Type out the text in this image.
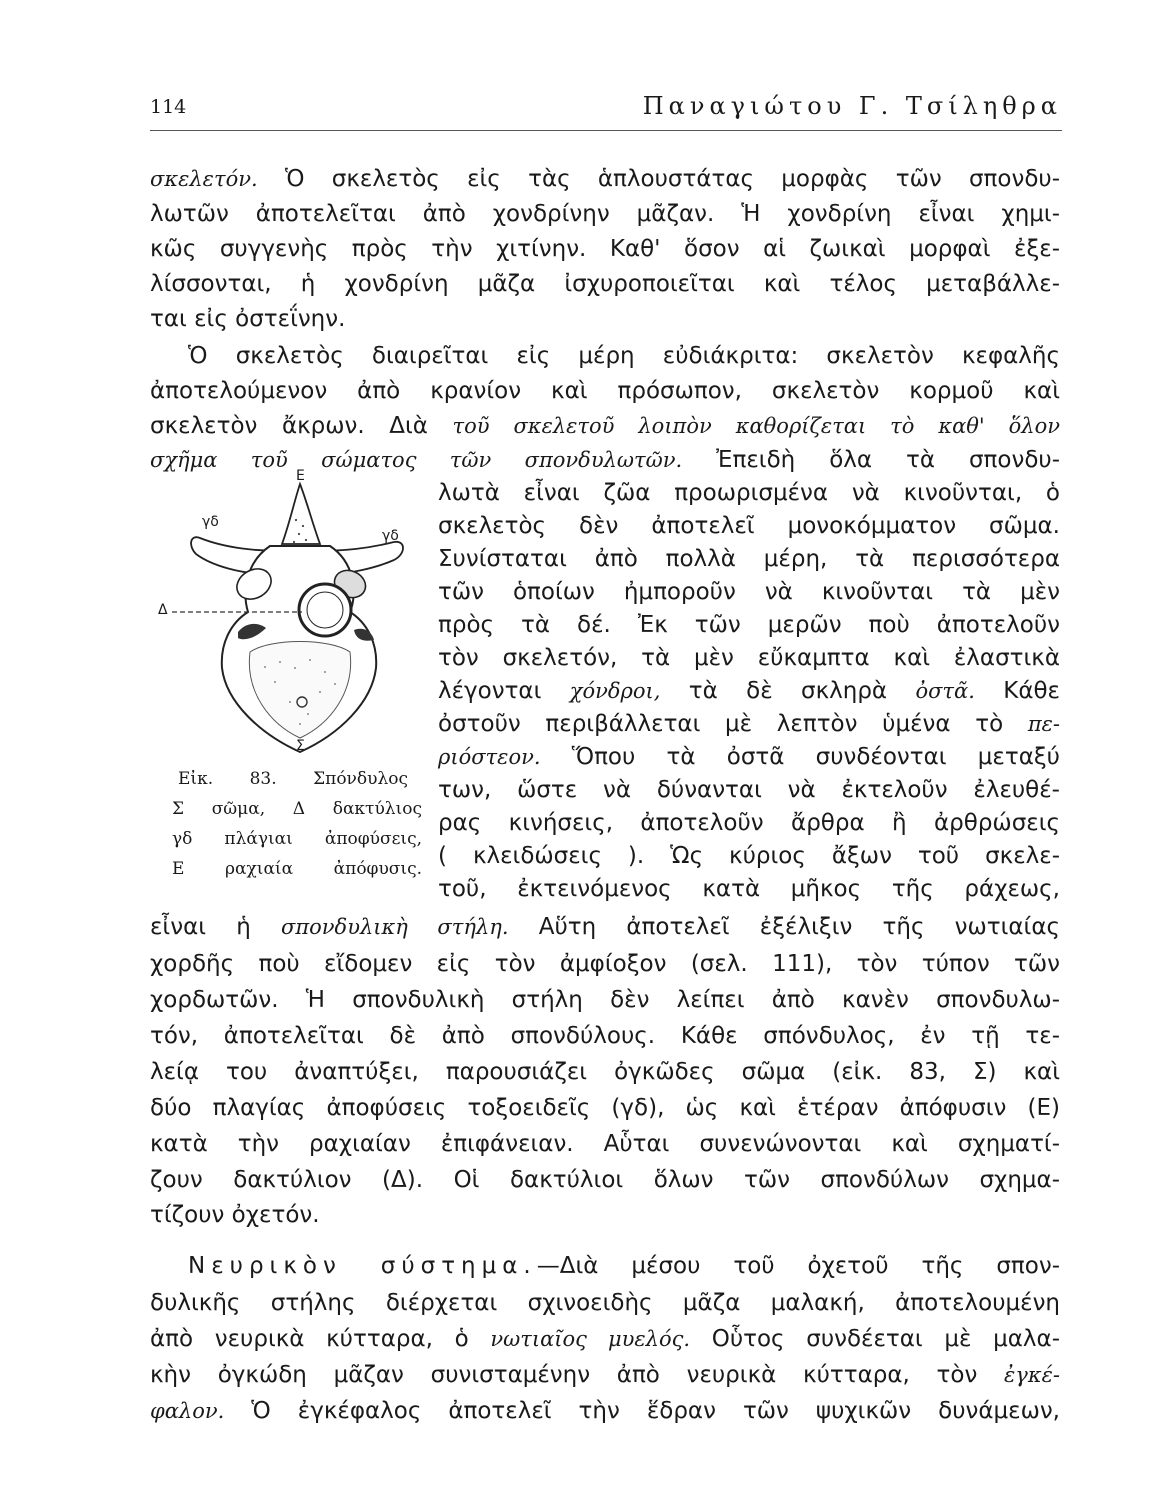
114	Παναγιώτου Γ. Τσίληθρα
σκελετόν. Ὁ σκελετὸς εἰς τὰς ἁπλουστάτας μορφὰς τῶν σπονδυ-
λωτῶν ἀποτελεῖται ἀπὸ χονδρίνην μᾶζαν. Ἡ χονδρίνη εἶναι χημι-
κῶς συγγενὴς πρὸς τὴν χιτίνην. Καθ' ὅσον αἱ ζωικαὶ μορφαὶ ἐξε-
λίσσονται, ἡ χονδρίνη μᾶζα ἰσχυροποιεῖται καὶ τέλος μεταβάλλε-
ται εἰς ὀστεΐνην.
Ὁ σκελετὸς διαιρεῖται εἰς μέρη εὐδιάκριτα: σκελετὸν κεφαλῆς
ἀποτελούμενον ἀπὸ κρανίον καὶ πρόσωπον, σκελετὸν κορμοῦ καὶ
σκελετὸν ἄκρων. Διὰ τοῦ σκελετοῦ λοιπὸν καθορίζεται τὸ καθ' ὅλον
σχῆμα τοῦ σώματος τῶν σπονδυλωτῶν. Ἐπειδὴ ὅλα τὰ σπονδυ-
λωτὰ εἶναι ζῶα προωρισμένα νὰ κινοῦνται, ὁ
σκελετὸς δὲν ἀποτελεῖ μονοκόμματον σῶμα.
Συνίσταται ἀπὸ πολλὰ μέρη, τὰ περισσότερα
τῶν ὁποίων ἠμποροῦν νὰ κινοῦνται τὰ μὲν
πρὸς τὰ δέ. Ἐκ τῶν μερῶν ποὺ ἀποτελοῦν
τὸν σκελετόν, τὰ μὲν εὔκαμπτα καὶ ἐλαστικὰ
λέγονται χόνδροι, τὰ δὲ σκληρὰ ὀστᾶ. Κάθε
ὀστοῦν περιβάλλεται μὲ λεπτὸν ὑμένα τὸ πε-
ριόστεον. Ὅπου τὰ ὀστᾶ συνδέονται μεταξύ
των, ὥστε νὰ δύνανται νὰ ἐκτελοῦν ἐλευθέ-
ρας κινήσεις, ἀποτελοῦν ἄρθρα ἢ ἀρθρώσεις
( κλειδώσεις ). Ὡς κύριος ἄξων τοῦ σκελε-
τοῦ, ἐκτεινόμενος κατὰ μῆκος τῆς ράχεως,
Ε
γδ
γδ
Δ
Σ
Εἰκ. 83. Σπόνδυλος
Σ σῶμα, Δ δακτύλιος
γδ πλάγιαι ἀποφύσεις,
Ε ραχιαία ἀπόφυσις.
εἶναι ἡ σπονδυλικὴ στήλη. Αὕτη ἀποτελεῖ ἐξέλιξιν τῆς νωτιαίας
χορδῆς ποὺ εἴδομεν εἰς τὸν ἀμφίοξον (σελ. 111), τὸν τύπον τῶν
χορδωτῶν. Ἡ σπονδυλικὴ στήλη δὲν λείπει ἀπὸ κανὲν σπονδυλω-
τόν, ἀποτελεῖται δὲ ἀπὸ σπονδύλους. Κάθε σπόνδυλος, ἐν τῇ τε-
λείᾳ του ἀναπτύξει, παρουσιάζει ὀγκῶδες σῶμα (εἰκ. 83, Σ) καὶ
δύο πλαγίας ἀποφύσεις τοξοειδεῖς (γδ), ὡς καὶ ἑτέραν ἀπόφυσιν (Ε)
κατὰ τὴν ραχιαίαν ἐπιφάνειαν. Αὗται συνενώνονται καὶ σχηματί-
ζουν δακτύλιον (Δ). Οἱ δακτύλιοι ὅλων τῶν σπονδύλων σχημα-
τίζουν ὀχετόν.
Νευρικὸν σύστημα.—Διὰ μέσου τοῦ ὀχετοῦ τῆς σπον-
δυλικῆς στήλης διέρχεται σχινοειδὴς μᾶζα μαλακή, ἀποτελουμένη
ἀπὸ νευρικὰ κύτταρα, ὁ νωτιαῖος μυελός. Οὗτος συνδέεται μὲ μαλα-
κὴν ὀγκώδη μᾶζαν συνισταμένην ἀπὸ νευρικὰ κύτταρα, τὸν ἐγκέ-
φαλον. Ὁ ἐγκέφαλος ἀποτελεῖ τὴν ἕδραν τῶν ψυχικῶν δυνάμεων,
